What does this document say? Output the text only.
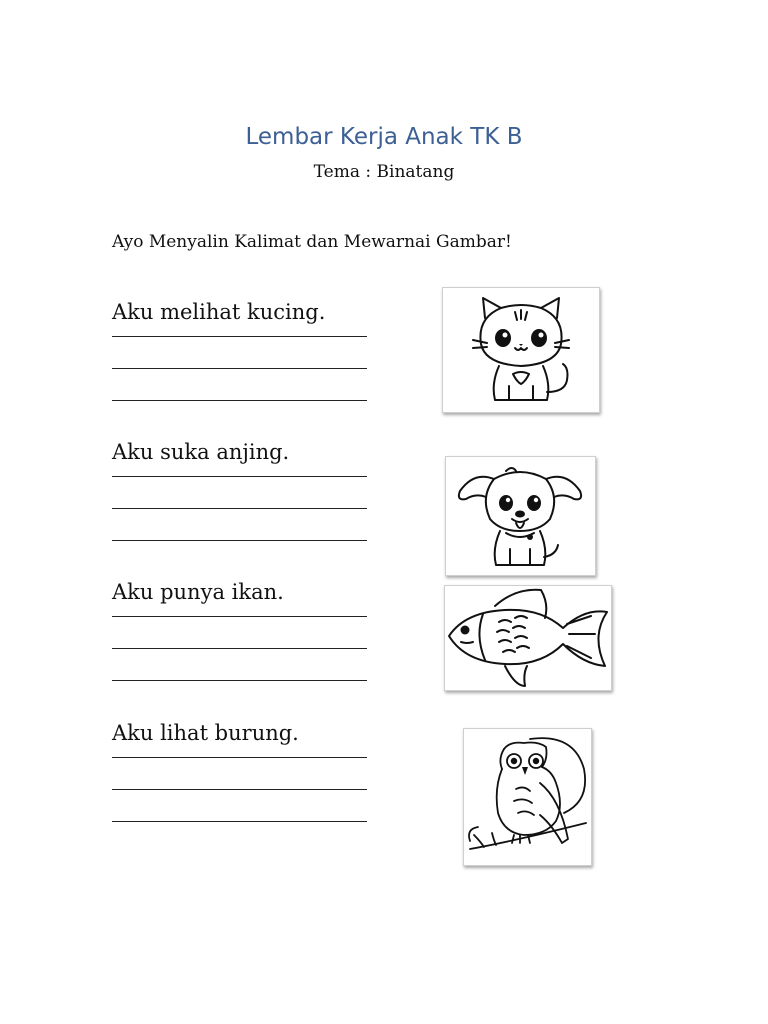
Lembar Kerja Anak TK B
Tema : Binatang
Ayo Menyalin Kalimat dan Mewarnai Gambar!
Aku melihat kucing.
Aku suka anjing.
Aku punya ikan.
Aku lihat burung.
